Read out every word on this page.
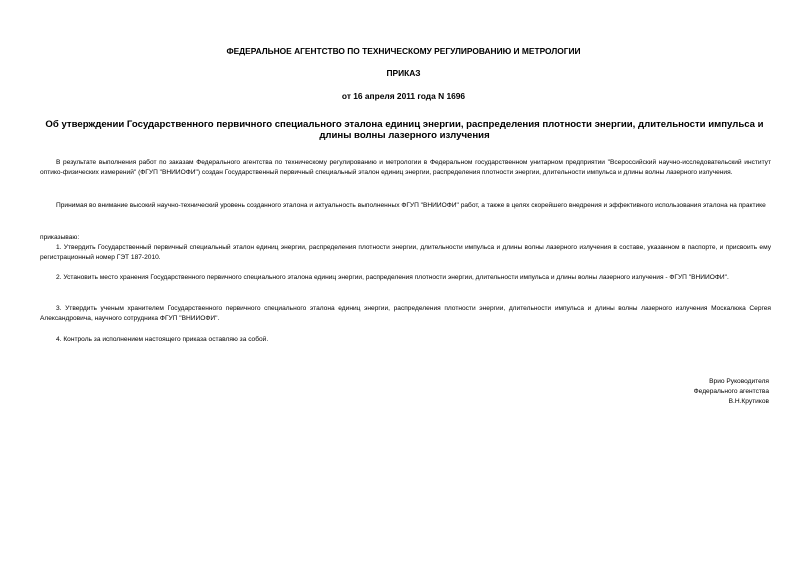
ФЕДЕРАЛЬНОЕ АГЕНТСТВО ПО ТЕХНИЧЕСКОМУ РЕГУЛИРОВАНИЮ И МЕТРОЛОГИИ
ПРИКАЗ
от 16 апреля 2011 года N 1696
Об утверждении Государственного первичного специального эталона единиц энергии, распределения плотности энергии, длительности импульса и длины волны лазерного излучения
В результате выполнения работ по заказам Федерального агентства по техническому регулированию и метрологии в Федеральном государственном унитарном предприятии "Всероссийский научно-исследовательский институт оптико-физических измерений" (ФГУП "ВНИИОФИ") создан Государственный первичный специальный эталон единиц энергии, распределения плотности энергии, длительности импульса и длины волны лазерного излучения.
Принимая во внимание высокий научно-технический уровень созданного эталона и актуальность выполненных ФГУП "ВНИИОФИ" работ, а также в целях скорейшего внедрения и эффективного использования эталона на практике
приказываю:
1. Утвердить Государственный первичный специальный эталон единиц энергии, распределения плотности энергии, длительности импульса и длины волны лазерного излучения в составе, указанном в паспорте, и присвоить ему регистрационный номер ГЭТ 187-2010.
2. Установить место хранения Государственного первичного специального эталона единиц энергии, распределения плотности энергии, длительности импульса и длины волны лазерного излучения - ФГУП "ВНИИОФИ".
3. Утвердить ученым хранителем Государственного первичного специального эталона единиц энергии, распределения плотности энергии, длительности импульса и длины волны лазерного излучения Москалюка Сергея Александровича, научного сотрудника ФГУП "ВНИИОФИ".
4. Контроль за исполнением настоящего приказа оставляю за собой.
Врио Руководителя
Федерального агентства
В.Н.Крутиков
